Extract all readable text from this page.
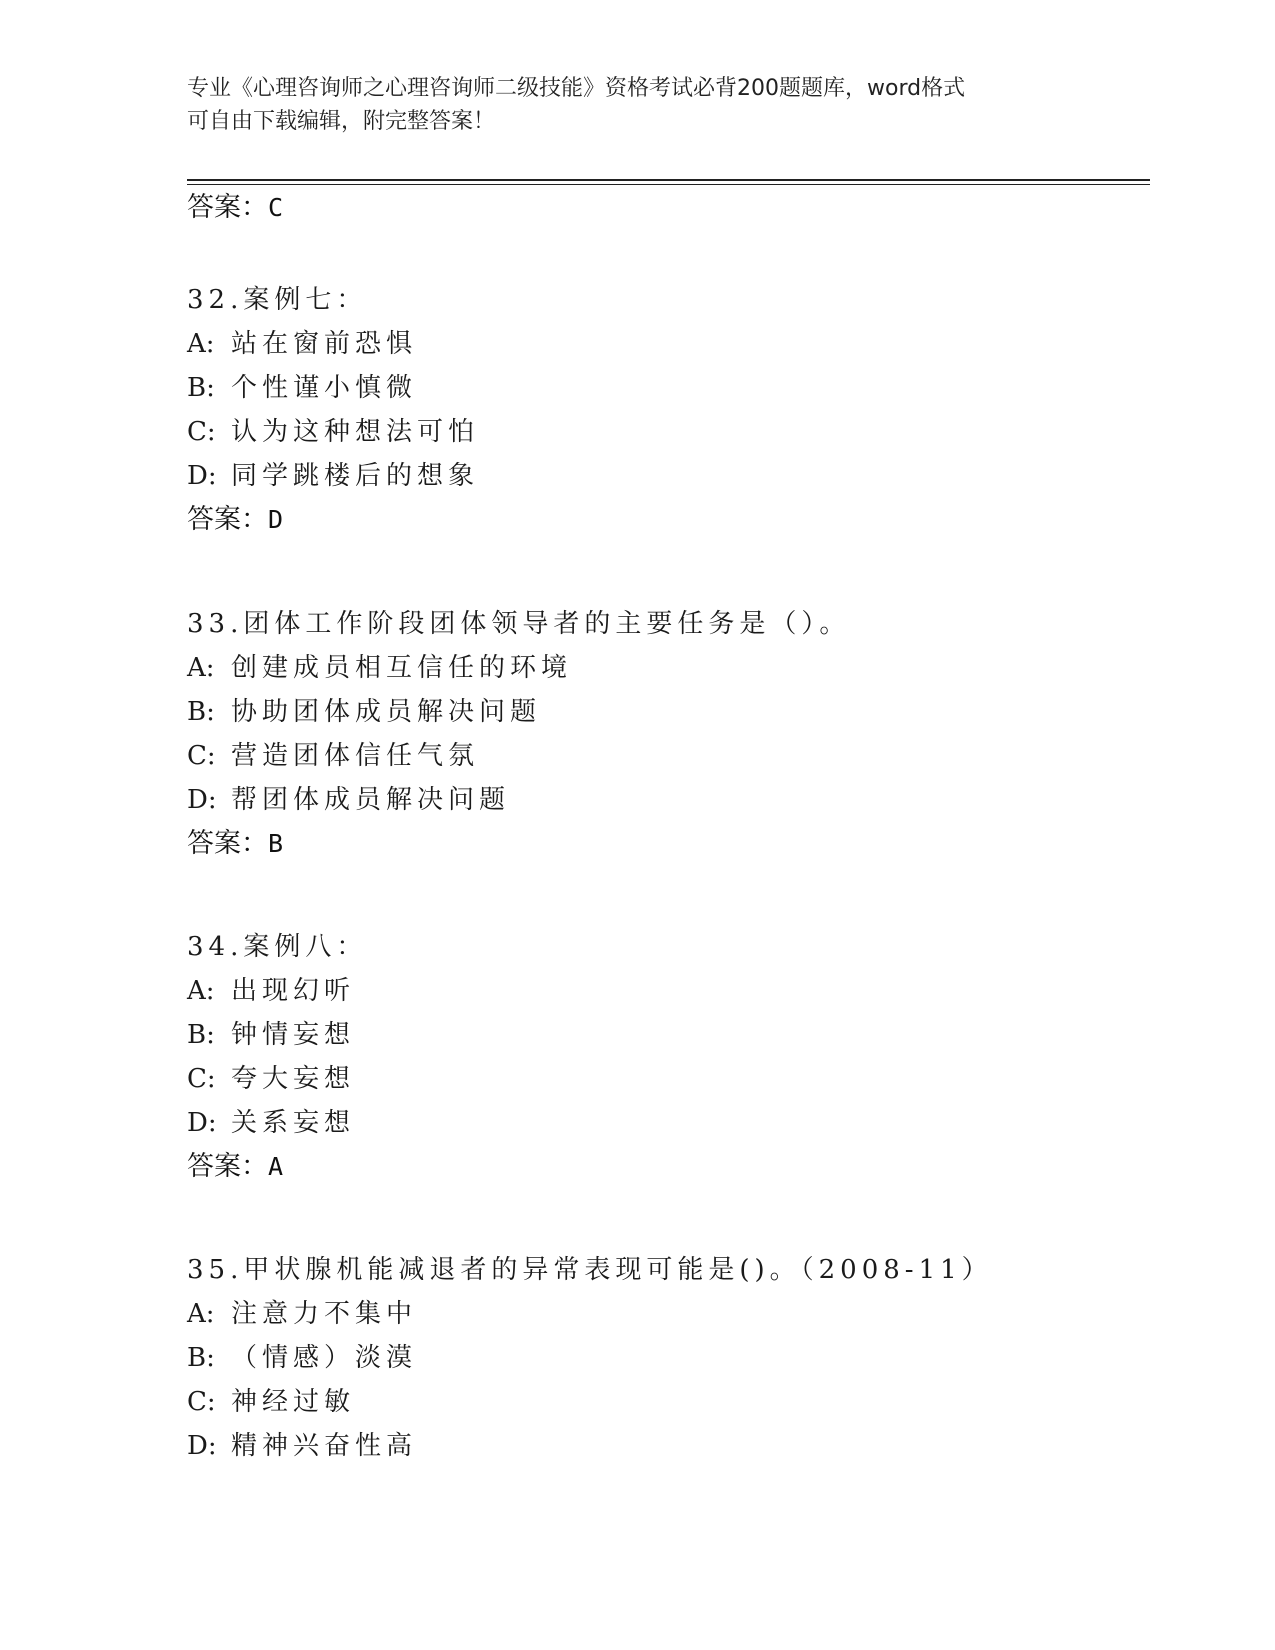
专业《心理咨询师之心理咨询师二级技能》资格考试必背200题题库，word格式
可自由下载编辑，附完整答案！
答案：C
32.案例七：
A: 站在窗前恐惧
B: 个性谨小慎微
C: 认为这种想法可怕
D: 同学跳楼后的想象
答案：D
33.团体工作阶段团体领导者的主要任务是（）。
A: 创建成员相互信任的环境
B: 协助团体成员解决问题
C: 营造团体信任气氛
D: 帮团体成员解决问题
答案：B
34.案例八：
A: 出现幻听
B: 钟情妄想
C: 夸大妄想
D: 关系妄想
答案：A
35.甲状腺机能减退者的异常表现可能是()。（2008-11）
A: 注意力不集中
B: （情感）淡漠
C: 神经过敏
D: 精神兴奋性高
